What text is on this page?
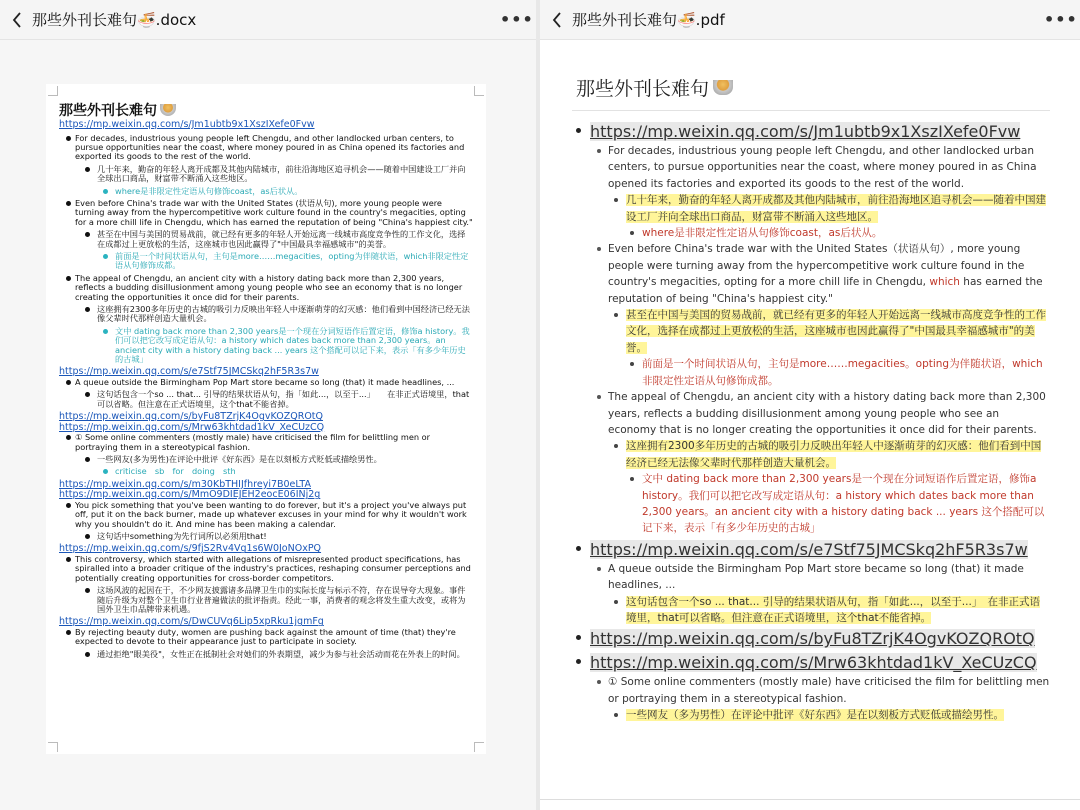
那些外刊长难句🍜.docx	•••
那些外刊长难句
https://mp.weixin.qq.com/s/Jm1ubtb9x1XszIXefe0Fvw
For decades, industrious young people left Chengdu, and other landlocked urban centers, to pursue opportunities near the coast, where money poured in as China opened its factories and exported its goods to the rest of the world.
几十年来，勤奋的年轻人离开成都及其他内陆城市，前往沿海地区追寻机会——随着中国建设工厂并向全球出口商品，财富带不断涌入这些地区。
where是非限定性定语从句修饰coast，as后状从。
Even before China's trade war with the United States (状语从句), more young people were turning away from the hypercompetitive work culture found in the country's megacities, opting for a more chill life in Chengdu, which has earned the reputation of being "China's happiest city."
甚至在中国与美国的贸易战前，就已经有更多的年轻人开始远离一线城市高度竞争性的工作文化，选择在成都过上更放松的生活，这座城市也因此赢得了"中国最具幸福感城市"的美誉。
前面是一个时间状语从句，主句是more……megacities，opting为伴随状语，which非限定性定语从句修饰成都。
The appeal of Chengdu, an ancient city with a history dating back more than 2,300 years, reflects a budding disillusionment among young people who see an economy that is no longer creating the opportunities it once did for their parents.
这座拥有2300多年历史的古城的吸引力反映出年轻人中逐渐萌芽的幻灭感：他们看到中国经济已经无法像父辈时代那样创造大量机会。
文中 dating back more than 2,300 years是一个现在分词短语作后置定语，修饰a history。我们可以把它改写成定语从句：a history which dates back more than 2,300 years。an ancient city with a history dating back ... years 这个搭配可以记下来，表示「有多少年历史的古城」
https://mp.weixin.qq.com/s/e7Stf75JMCSkq2hF5R3s7w
A queue outside the Birmingham Pop Mart store became so long (that) it made headlines, ...
这句话包含一个so ... that... 引导的结果状语从句，指「如此...，以至于...」　　在非正式语境里，that可以省略。但注意在正式语境里，这个that不能省掉。
https://mp.weixin.qq.com/s/byFu8TZrjK4OgvKOZQROtQ
https://mp.weixin.qq.com/s/Mrw63khtdad1kV_XeCUzCQ
① Some online commenters (mostly male) have criticised the film for belittling men or portraying them in a stereotypical fashion.
一些网友(多为男性)在评论中批评《好东西》是在以刻板方式贬低或描绘男性。
criticise　sb　for　doing　sth
https://mp.weixin.qq.com/s/m30KbTHIJfhreyi7B0eLTA
https://mp.weixin.qq.com/s/MmO9DIEJEH2eocE06INj2g
You pick something that you've been wanting to do forever, but it's a project you've always put off, put it on the back burner, made up whatever excuses in your mind for why it wouldn't work why you shouldn't do it. And mine has been making a calendar.
这句话中something为先行词所以必须用that!
https://mp.weixin.qq.com/s/9fjS2Rv4Vg1s6W0JoNOxPQ
This controversy, which started with allegations of misrepresented product specifications, has spiralled into a broader critique of the industry's practices, reshaping consumer perceptions and potentially creating opportunities for cross-border competitors.
这场风波的起因在于，不少网友披露诸多品牌卫生巾的实际长度与标示不符，存在误导夸大现象。事件随后升级为对整个卫生巾行业普遍做法的批评指责。经此一事，消费者的观念将发生重大改变，或将为国外卫生巾品牌带来机遇。
https://mp.weixin.qq.com/s/DwCUVq6Lip5xpRku1jgmFg
By rejecting beauty duty, women are pushing back against the amount of time (that) they're expected to devote to their appearance just to participate in society.
通过拒绝"眼美役"，女性正在抵制社会对她们的外表期望，减少为参与社会活动而花在外表上的时间。
那些外刊长难句🍜.pdf	•••
那些外刊长难句
https://mp.weixin.qq.com/s/Jm1ubtb9x1XszIXefe0Fvw
For decades, industrious young people left Chengdu, and other landlocked urban centers, to pursue opportunities near the coast, where money poured in as China opened its factories and exported its goods to the rest of the world.
几十年来，勤奋的年轻人离开成都及其他内陆城市，前往沿海地区追寻机会——随着中国建设工厂并向全球出口商品，财富带不断涌入这些地区。
where是非限定性定语从句修饰coast，as后状从。
Even before China's trade war with the United States（状语从句）, more young people were turning away from the hypercompetitive work culture found in the country's megacities, opting for a more chill life in Chengdu, which has earned the reputation of being "China's happiest city."
甚至在中国与美国的贸易战前，就已经有更多的年轻人开始远离一线城市高度竞争性的工作文化，选择在成都过上更放松的生活，这座城市也因此赢得了"中国最具幸福感城市"的美誉。
前面是一个时间状语从句，主句是more……megacities。opting为伴随状语，which非限定性定语从句修饰成都。
The appeal of Chengdu, an ancient city with a history dating back more than 2,300 years, reflects a budding disillusionment among young people who see an economy that is no longer creating the opportunities it once did for their parents.
这座拥有2300多年历史的古城的吸引力反映出年轻人中逐渐萌芽的幻灭感：他们看到中国经济已经无法像父辈时代那样创造大量机会。
文中 dating back more than 2,300 years是一个现在分词短语作后置定语，修饰a history。我们可以把它改写成定语从句：a history which dates back more than 2,300 years。an ancient city with a history dating back ... years 这个搭配可以记下来，表示「有多少年历史的古城」
https://mp.weixin.qq.com/s/e7Stf75JMCSkq2hF5R3s7w
A queue outside the Birmingham Pop Mart store became so long (that) it made headlines, ...
这句话包含一个so ... that... 引导的结果状语从句，指「如此...，以至于...」　在非正式语境里，that可以省略。但注意在正式语境里，这个that不能省掉。
https://mp.weixin.qq.com/s/byFu8TZrjK4OgvKOZQROtQ
https://mp.weixin.qq.com/s/Mrw63khtdad1kV_XeCUzCQ
① Some online commenters (mostly male) have criticised the film for belittling men or portraying them in a stereotypical fashion.
一些网友（多为男性）在评论中批评《好东西》是在以刻板方式贬低或描绘男性。
